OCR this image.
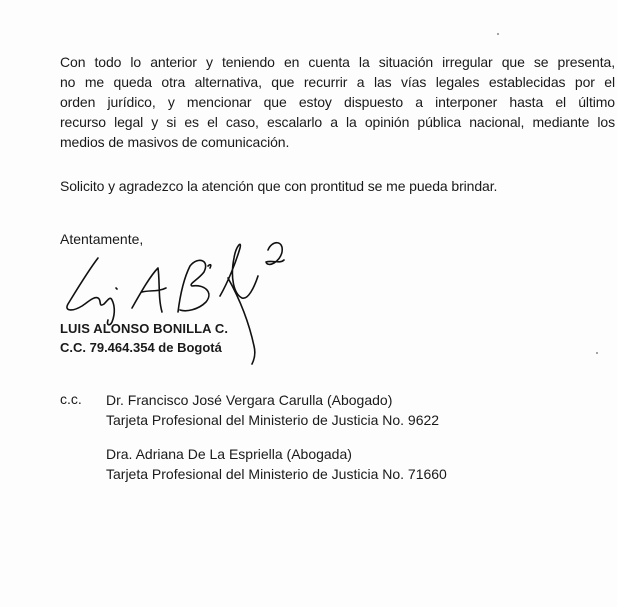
Con todo lo anterior y teniendo en cuenta la situación irregular que se presenta,
no me queda otra alternativa, que recurrir a las vías legales establecidas por el
orden jurídico, y mencionar que estoy dispuesto a interponer hasta el último
recurso legal y si es el caso, escalarlo a la opinión pública nacional, mediante los
medios de masivos de comunicación.

Solicito y agradezco la atención que con prontitud se me pueda brindar.

Atentamente,

LUIS ALONSO BONILLA C.

C.C. 79.464.354 de Bogotá

c.c. Dr. Francisco José Vergara Carulla (Abogado)
Tarjeta Profesional del Ministerio de Justicia No. 9622

Dra. Adriana De La Espriella (Abogada)
Tarjeta Profesional del Ministerio de Justicia No. 71660
